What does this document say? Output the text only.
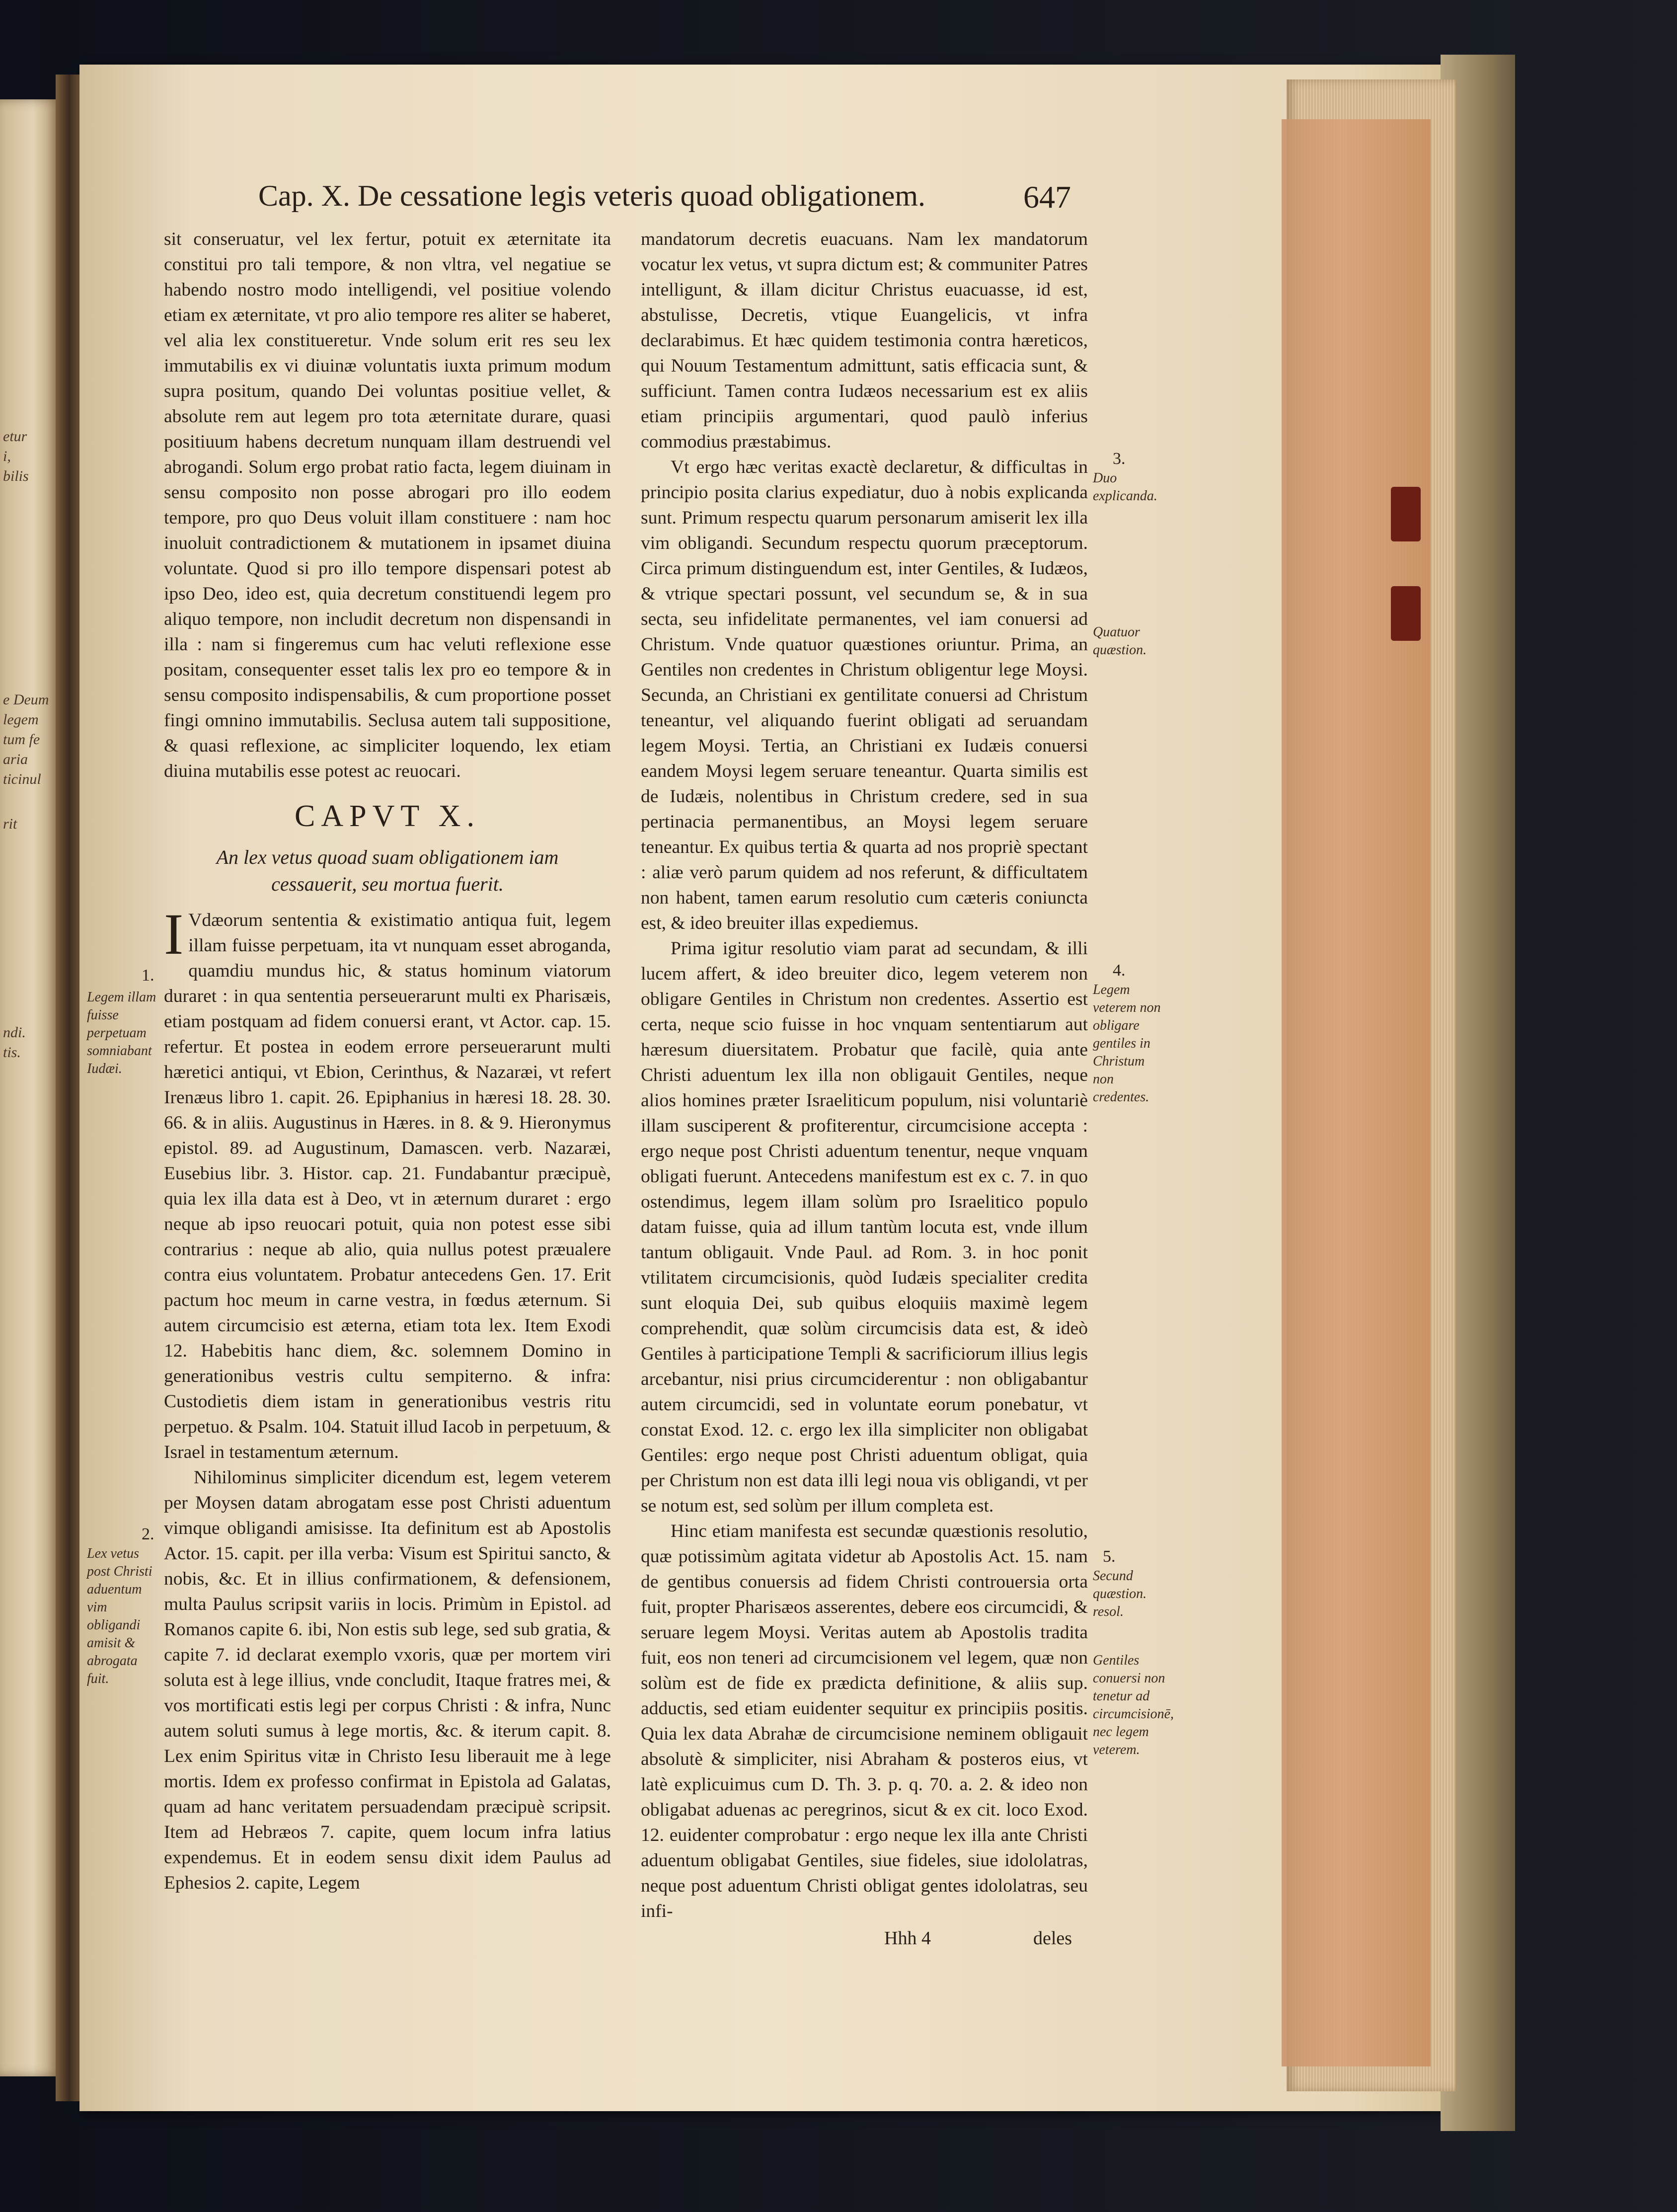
etur
i,
bilis
e Deum
legem
tum fe
aria
ticinul
rit
ndi.
tis.
Cap. X. De cessatione legis veteris quoad obligationem.	647

sit conseruatur, vel lex fertur, potuit ex æternitate ita constitui pro tali tempore, & non vltra, vel negatiue se habendo nostro modo intelligendi, vel positiue volendo etiam ex æternitate, vt pro alio tempore res aliter se haberet, vel alia lex constitueretur. Vnde solum erit res seu lex immutabilis ex vi diuinæ voluntatis iuxta primum modum supra positum, quando Dei voluntas positiue vellet, & absolute rem aut legem pro tota æternitate durare, quasi positiuum habens decretum nunquam illam destruendi vel abrogandi. Solum ergo probat ratio facta, legem diuinam in sensu composito non posse abrogari pro illo eodem tempore, pro quo Deus voluit illam constituere : nam hoc inuoluit contradictionem & mutationem in ipsamet diuina voluntate. Quod si pro illo tempore dispensari potest ab ipso Deo, ideo est, quia decretum constituendi legem pro aliquo tempore, non includit decretum non dispensandi in illa : nam si fingeremus cum hac veluti reflexione esse positam, consequenter esset talis lex pro eo tempore & in sensu composito indispensabilis, & cum proportione posset fingi omnino immutabilis. Seclusa autem tali suppositione, & quasi reflexione, ac simpliciter loquendo, lex etiam diuina mutabilis esse potest ac reuocari.

CAPVT X.
An lex vetus quoad suam obligationem iam cessauerit, seu mortua fuerit.

I Vdæorum sententia & existimatio antiqua fuit, legem illam fuisse perpetuam, ita vt nunquam esset abroganda, quamdiu mundus hic, & status hominum viatorum duraret : in qua sententia perseuerarunt multi ex Pharisæis, etiam postquam ad fidem conuersi erant, vt Actor. cap. 15. refertur. Et postea in eodem errore perseuerarunt multi hæretici antiqui, vt Ebion, Cerinthus, & Nazaræi, vt refert Irenæus libro 1. capit. 26. Epiphanius in hæresi 18. 28. 30. 66. & in aliis. Augustinus in Hæres. in 8. & 9. Hieronymus epistol. 89. ad Augustinum, Damascen. verb. Nazaræi, Eusebius libr. 3. Histor. cap. 21. Fundabantur præcipuè, quia lex illa data est à Deo, vt in æternum duraret : ergo neque ab ipso reuocari potuit, quia non potest esse sibi contrarius : neque ab alio, quia nullus potest præualere contra eius voluntatem. Probatur antecedens Gen. 17. Erit pactum hoc meum in carne vestra, in fœdus æternum. Si autem circumcisio est æterna, etiam tota lex. Item Exodi 12. Habebitis hanc diem, &c. solemnem Domino in generationibus vestris cultu sempiterno. & infra: Custodietis diem istam in generationibus vestris ritu perpetuo. & Psalm. 104. Statuit illud Iacob in perpetuum, & Israel in testamentum æternum.

Nihilominus simpliciter dicendum est, legem veterem per Moysen datam abrogatam esse post Christi aduentum vimque obligandi amisisse. Ita definitum est ab Apostolis Actor. 15. capit. per illa verba: Visum est Spiritui sancto, & nobis, &c. Et in illius confirmationem, & defensionem, multa Paulus scripsit variis in locis. Primùm in Epistol. ad Romanos capite 6. ibi, Non estis sub lege, sed sub gratia, & capite 7. id declarat exemplo vxoris, quæ per mortem viri soluta est à lege illius, vnde concludit, Itaque fratres mei, & vos mortificati estis legi per corpus Christi : & infra, Nunc autem soluti sumus à lege mortis, &c. & iterum capit. 8. Lex enim Spiritus vitæ in Christo Iesu liberauit me à lege mortis. Idem ex professo confirmat in Epistola ad Galatas, quam ad hanc veritatem persuadendam præcipuè scripsit. Item ad Hebræos 7. capite, quem locum infra latius expendemus. Et in eodem sensu dixit idem Paulus ad Ephesios 2. capite, Legem

mandatorum decretis euacuans. Nam lex mandatorum vocatur lex vetus, vt supra dictum est; & communiter Patres intelligunt, & illam dicitur Christus euacuasse, id est, abstulisse, Decretis, vtique Euangelicis, vt infra declarabimus. Et hæc quidem testimonia contra hæreticos, qui Nouum Testamentum admittunt, satis efficacia sunt, & sufficiunt. Tamen contra Iudæos necessarium est ex aliis etiam principiis argumentari, quod paulò inferius commodius præstabimus.

Vt ergo hæc veritas exactè declaretur, & difficultas in principio posita clarius expediatur, duo à nobis explicanda sunt. Primum respectu quarum personarum amiserit lex illa vim obligandi. Secundum respectu quorum præceptorum. Circa primum distinguendum est, inter Gentiles, & Iudæos, & vtrique spectari possunt, vel secundum se, & in sua secta, seu infidelitate permanentes, vel iam conuersi ad Christum. Vnde quatuor quæstiones oriuntur. Prima, an Gentiles non credentes in Christum obligentur lege Moysi. Secunda, an Christiani ex gentilitate conuersi ad Christum teneantur, vel aliquando fuerint obligati ad seruandam legem Moysi. Tertia, an Christiani ex Iudæis conuersi eandem Moysi legem seruare teneantur. Quarta similis est de Iudæis, nolentibus in Christum credere, sed in sua pertinacia permanentibus, an Moysi legem seruare teneantur. Ex quibus tertia & quarta ad nos propriè spectant : aliæ verò parum quidem ad nos referunt, & difficultatem non habent, tamen earum resolutio cum cæteris coniuncta est, & ideo breuiter illas expediemus.

Prima igitur resolutio viam parat ad secundam, & illi lucem affert, & ideo breuiter dico, legem veterem non obligare Gentiles in Christum non credentes. Assertio est certa, neque scio fuisse in hoc vnquam sententiarum aut hæresum diuersitatem. Probatur que facilè, quia ante Christi aduentum lex illa non obligauit Gentiles, neque alios homines præter Israeliticum populum, nisi voluntariè illam susciperent & profiterentur, circumcisione accepta : ergo neque post Christi aduentum tenentur, neque vnquam obligati fuerunt. Antecedens manifestum est ex c. 7. in quo ostendimus, legem illam solùm pro Israelitico populo datam fuisse, quia ad illum tantùm locuta est, vnde illum tantum obligauit. Vnde Paul. ad Rom. 3. in hoc ponit vtilitatem circumcisionis, quòd Iudæis specialiter credita sunt eloquia Dei, sub quibus eloquiis maximè legem comprehendit, quæ solùm circumcisis data est, & ideò Gentiles à participatione Templi & sacrificiorum illius legis arcebantur, nisi prius circumciderentur : non obligabantur autem circumcidi, sed in voluntate eorum ponebatur, vt constat Exod. 12. c. ergo lex illa simpliciter non obligabat Gentiles: ergo neque post Christi aduentum obligat, quia per Christum non est data illi legi noua vis obligandi, vt per se notum est, sed solùm per illum completa est.

Hinc etiam manifesta est secundæ quæstionis resolutio, quæ potissimùm agitata videtur ab Apostolis Act. 15. nam de gentibus conuersis ad fidem Christi controuersia orta fuit, propter Pharisæos asserentes, debere eos circumcidi, & seruare legem Moysi. Veritas autem ab Apostolis tradita fuit, eos non teneri ad circumcisionem vel legem, quæ non solùm est de fide ex prædicta definitione, & aliis sup. adductis, sed etiam euidenter sequitur ex principiis positis. Quia lex data Abrahæ de circumcisione neminem obligauit absolutè & simpliciter, nisi Abraham & posteros eius, vt latè explicuimus cum D. Th. 3. p. q. 70. a. 2. & ideo non obligabat aduenas ac peregrinos, sicut & ex cit. loco Exod. 12. euidenter comprobatur : ergo neque lex illa ante Christi aduentum obligabat Gentiles, siue fideles, siue idololatras, neque post aduentum Christi obligat gentes idololatras, seu infi-

1.
Legem illam fuisse perpetuam somniabant Iudæi.
2.
Lex vetus post Christi aduentum vim obligandi amisit & abrogata fuit.
3.
Duo explicanda.
Quatuor quæstion.
4.
Legem veterem non obligare gentiles in Christum non credentes.
5.
Secund quæstion. resol.
Gentiles conuersi non tenetur ad circumcisionē, nec legem veterem.
Hhh 4	deles
